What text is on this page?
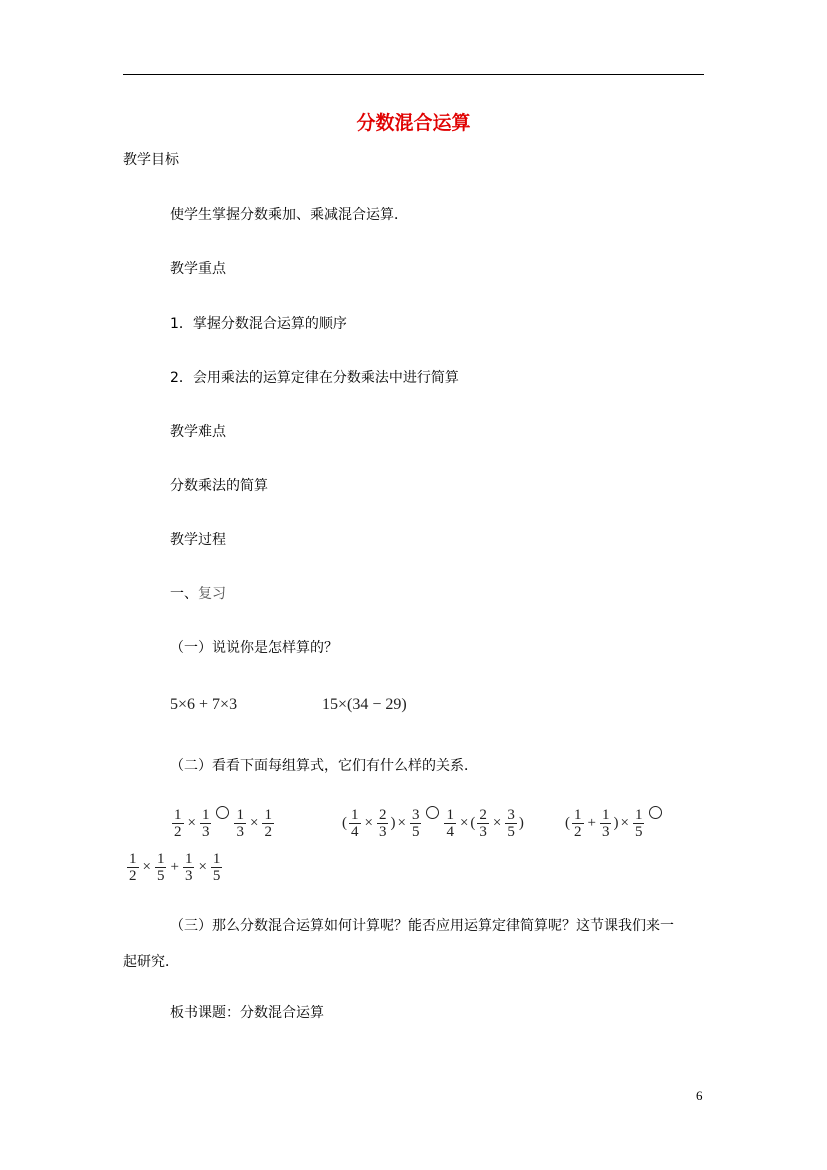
分数混合运算
教学目标
使学生掌握分数乘加、乘减混合运算．
教学重点
1．掌握分数混合运算的顺序
2．会用乘法的运算定律在分数乘法中进行简算
教学难点
分数乘法的简算
教学过程
一、复习
（一）说说你是怎样算的？
5×6 + 7×3	15×(34 − 29)
（二）看看下面每组算式，它们有什么样的关系．
$\frac{1}{2} \times \frac{1}{3} \frac{1}{3} \times \frac{1}{2}$	( $\frac{1}{4} \times \frac{2}{3}$ ) × $\frac{3}{5} \frac{1}{4}$ × ( $\frac{2}{3} \times \frac{3}{5}$ )	( $\frac{1}{2} + \frac{1}{3}$ ) × $\frac{1}{5}$
$\frac{1}{2} \times \frac{1}{5} + \frac{1}{3} \times \frac{1}{5}$
（三）那么分数混合运算如何计算呢？能否应用运算定律简算呢？这节课我们来一
起研究．
板书课题：分数混合运算
6
